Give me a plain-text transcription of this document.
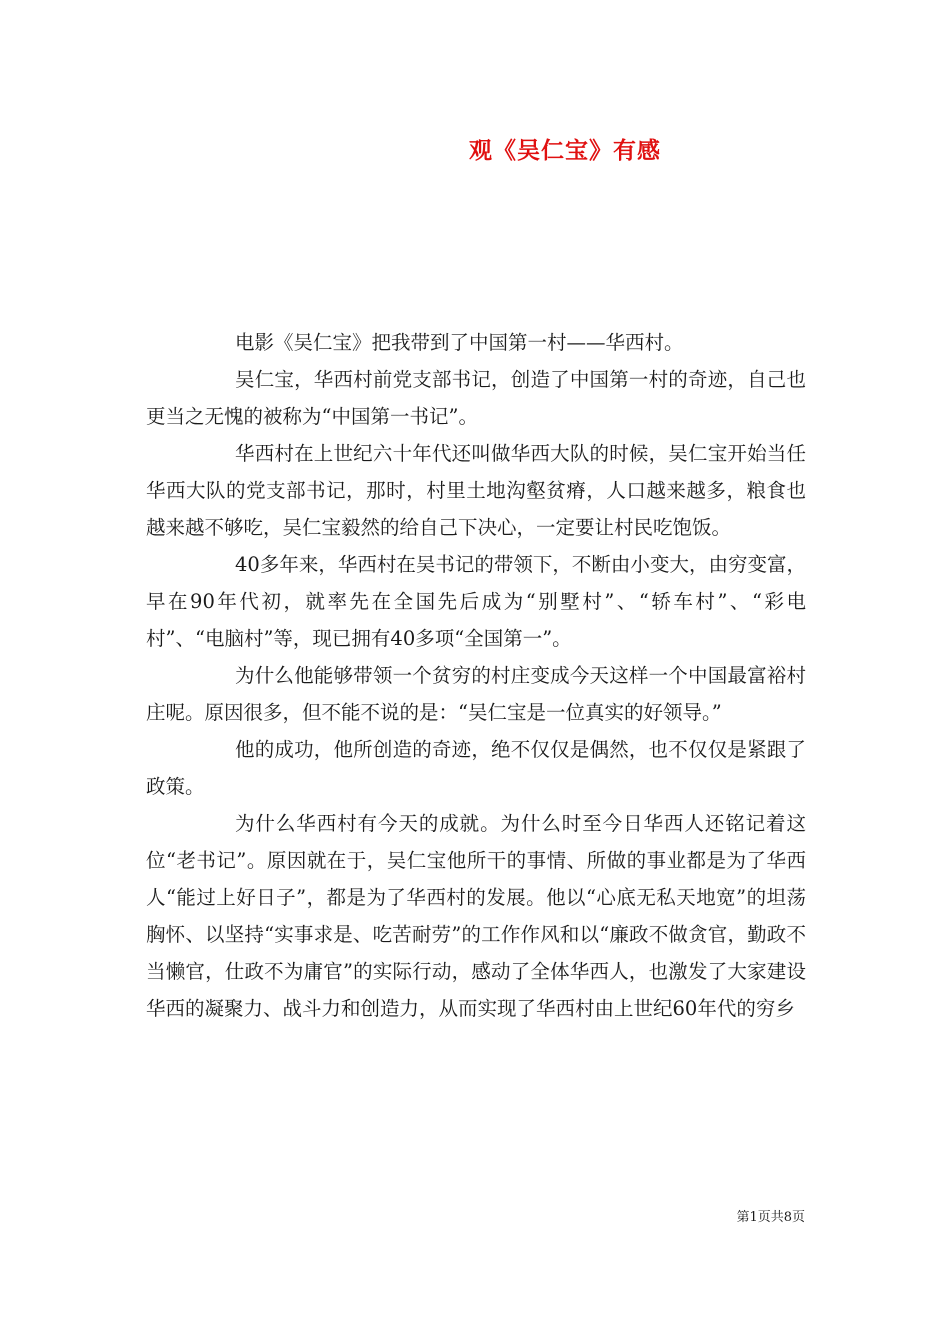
观《吴仁宝》有感

电影《吴仁宝》把我带到了中国第一村——华西村。

吴仁宝，华西村前党支部书记，创造了中国第一村的奇迹，自己也更当之无愧的被称为“中国第一书记”。

华西村在上世纪六十年代还叫做华西大队的时候，吴仁宝开始当任华西大队的党支部书记，那时，村里土地沟壑贫瘠，人口越来越多，粮食也越来越不够吃，吴仁宝毅然的给自己下决心，一定要让村民吃饱饭。

40多年来，华西村在吴书记的带领下，不断由小变大，由穷变富，早在90年代初，就率先在全国先后成为“别墅村”、“轿车村”、“彩电村”、“电脑村”等，现已拥有40多项“全国第一”。

为什么他能够带领一个贫穷的村庄变成今天这样一个中国最富裕村庄呢。原因很多，但不能不说的是：“吴仁宝是一位真实的好领导。”

他的成功，他所创造的奇迹，绝不仅仅是偶然，也不仅仅是紧跟了政策。

为什么华西村有今天的成就。为什么时至今日华西人还铭记着这位“老书记”。原因就在于，吴仁宝他所干的事情、所做的事业都是为了华西人“能过上好日子”，都是为了华西村的发展。他以“心底无私天地宽”的坦荡胸怀、以坚持“实事求是、吃苦耐劳”的工作作风和以“廉政不做贪官，勤政不当懒官，仕政不为庸官”的实际行动，感动了全体华西人，也激发了大家建设华西的凝聚力、战斗力和创造力，从而实现了华西村由上世纪60年代的穷乡

第1页共8页
